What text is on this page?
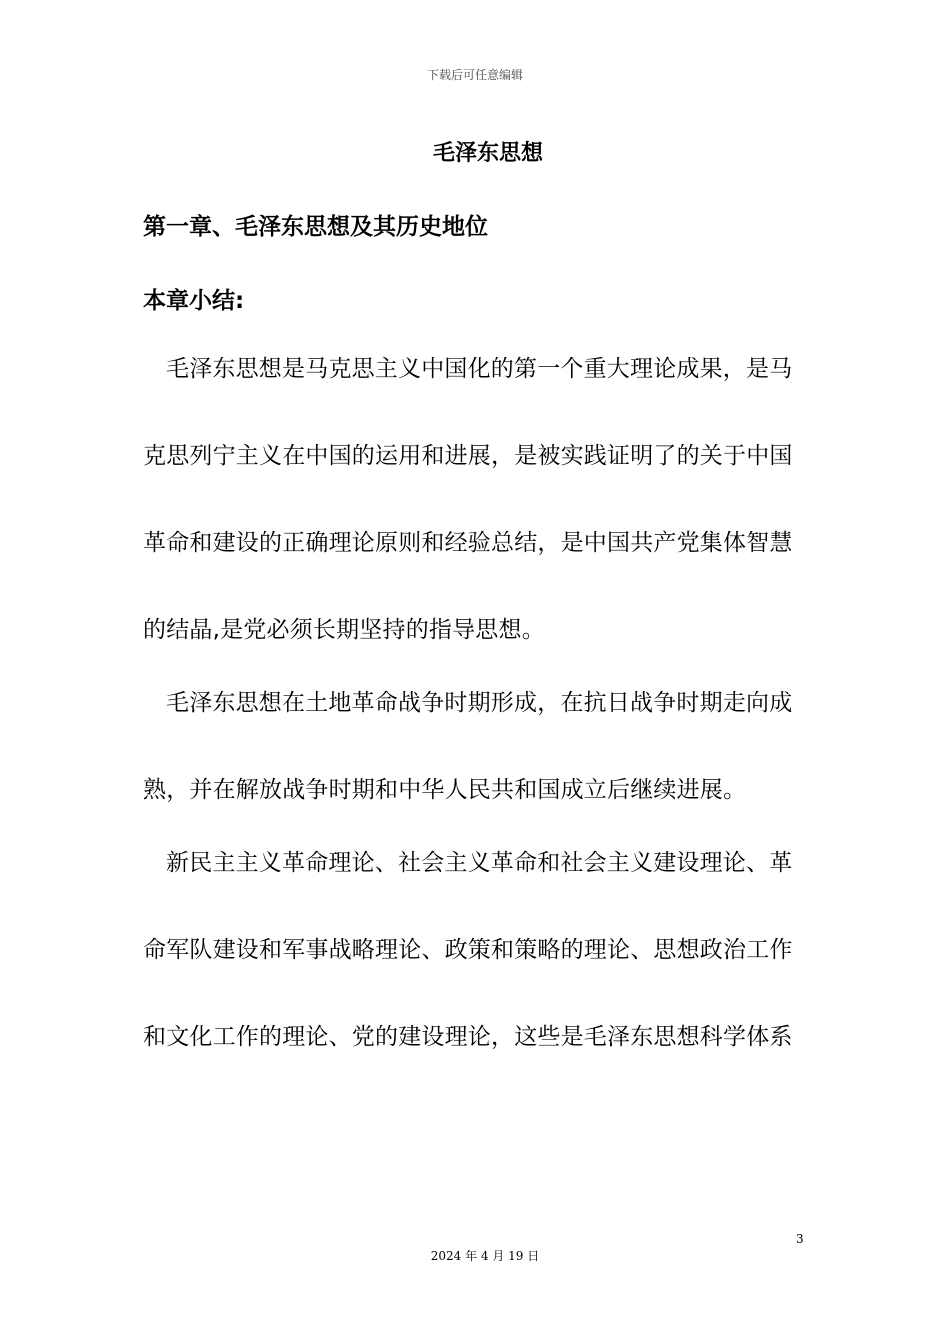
下载后可任意编辑
毛泽东思想
第一章、毛泽东思想及其历史地位
本章小结:

毛泽东思想是马克思主义中国化的第一个重大理论成果，是马

克思列宁主义在中国的运用和进展，是被实践证明了的关于中国

革命和建设的正确理论原则和经验总结，是中国共产党集体智慧

的结晶,是党必须长期坚持的指导思想。

毛泽东思想在土地革命战争时期形成，在抗日战争时期走向成

熟，并在解放战争时期和中华人民共和国成立后继续进展。

新民主主义革命理论、社会主义革命和社会主义建设理论、革

命军队建设和军事战略理论、政策和策略的理论、思想政治工作

和文化工作的理论、党的建设理论，这些是毛泽东思想科学体系

3
2024 年 4 月 19 日
